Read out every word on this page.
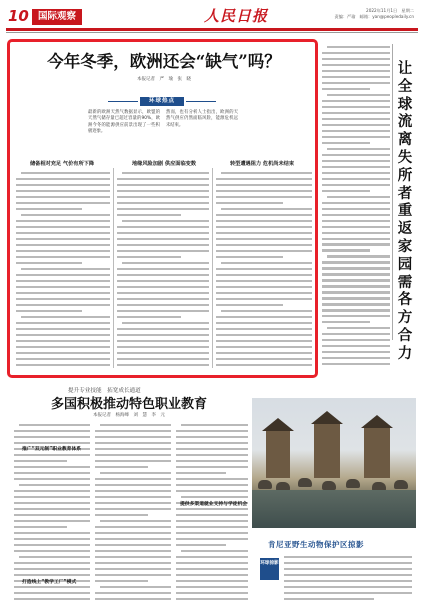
10 国际观察	人民日报	2022年11月1日　星期二
责编：严瑜　邮箱：yan@peopledaily.cn
今年冬季，欧洲还会“缺气”吗？
本报记者　严　瑜　张　晓
环球热点

最新的欧洲天然气数据显示，欧盟的天然气储存量已超过容量的90%，欧洲今冬的能源供应前景出现了一些积极迹象。

然而，也有分析人士指出，欧洲的天然气供应仍然面临风险，能源危机远未结束。

储备相对充足 气价有所下降	地缘风险加剧 供应面临变数	转型遭遇阻力 危机尚未结束
让全球流离失所者重返家园需各方合力
提升专业技能　拓宽成长通道
多国积极推动特色职业教育
本报记者　杨海峰　刘　慧　李　元
推广“双元制”职业教育体系
打造线上“教学工厂”模式
提供多渠道就业支持与学徒机会
肯尼亚野生动物保护区掠影
环球掠影
